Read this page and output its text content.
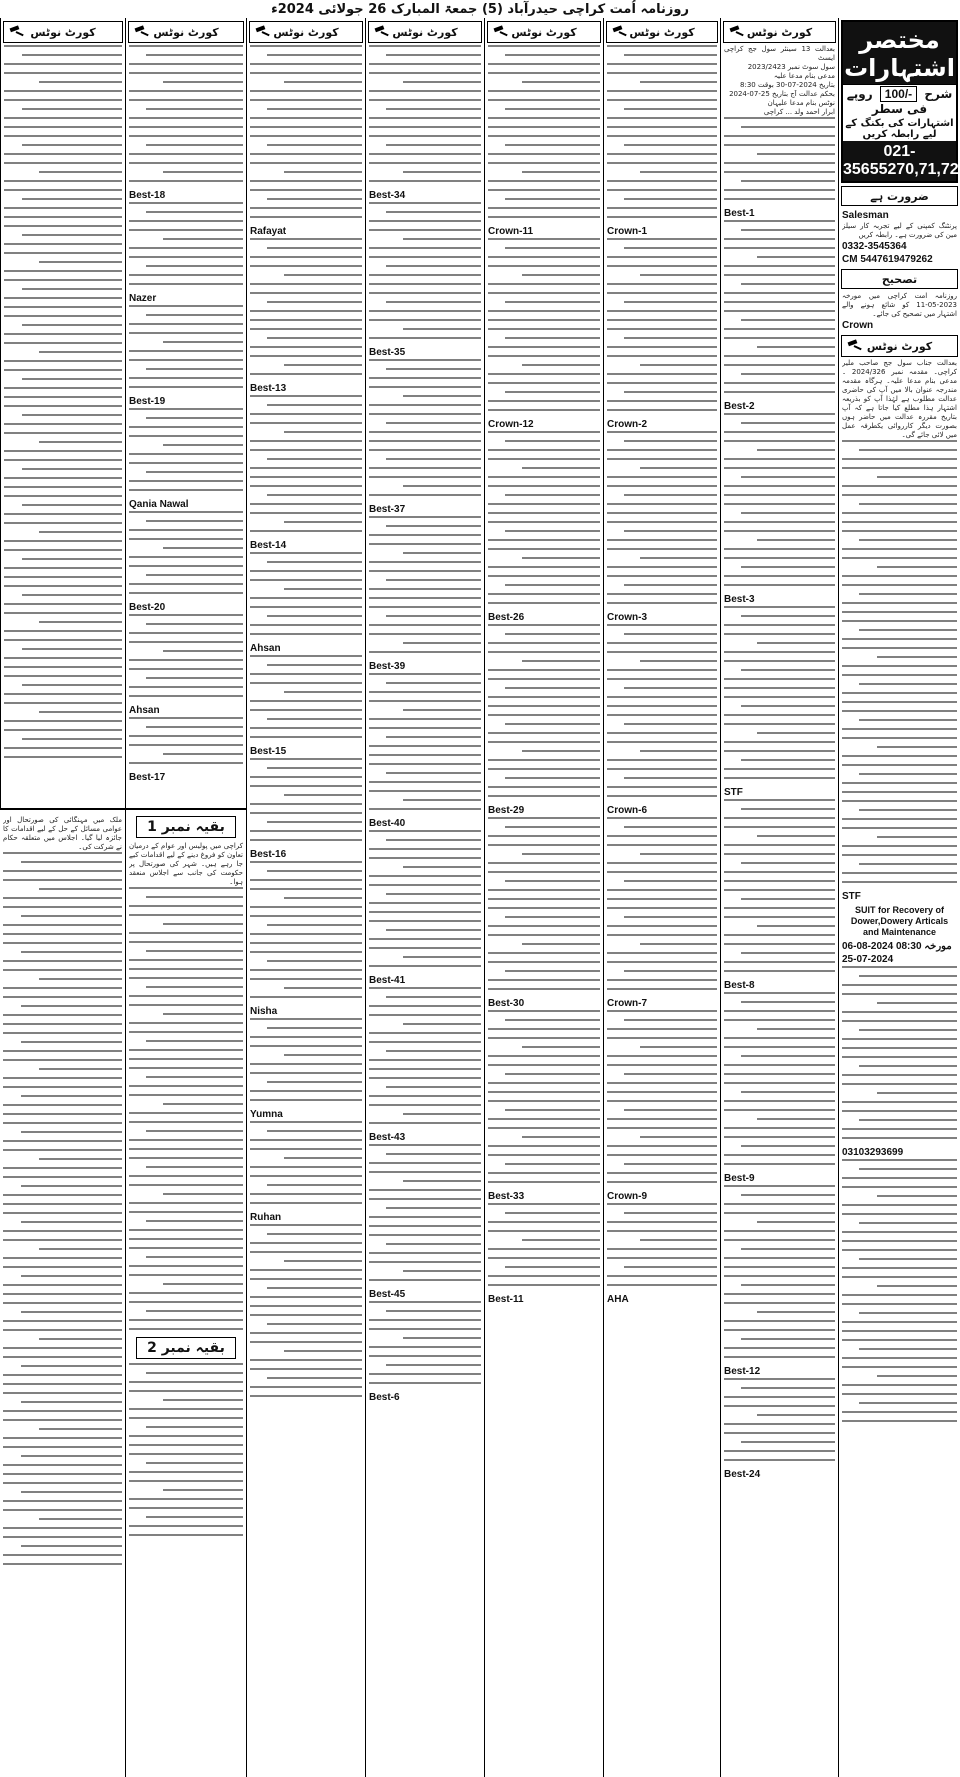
روزنامہ اُمت کراچی حیدرآباد (5) جمعۃ المبارک 26 جولائی 2024ء
مختصر اشتہارات
شرح -/100 روپے فی سطر
اشتہارات کی بکنگ کے لیے رابطہ کریں
021-35655270,71,72
ضرورت ہے
Salesman
پرنٹنگ کمپنی کے لیے تجربہ کار سیلز مین کی ضرورت ہے۔ رابطہ کریں
0332-3545364
CM 5447619479262
تصحیح
روزنامہ امت کراچی میں مورخہ 2023-05-11 کو شائع ہونے والے اشتہار میں تصحیح کی جائے۔
Crown
کورٹ نوٹس
بعدالت جناب سول جج صاحب ملیر کراچی۔ مقدمہ نمبر 2024/326 ۔ مدعی بنام مدعا علیہ۔ ہرگاہ مقدمہ مندرجہ عنوان بالا میں آپ کی حاضری عدالت مطلوب ہے لہٰذا آپ کو بذریعہ اشتہار ہذا مطلع کیا جاتا ہے کہ آپ بتاریخ مقررہ عدالت میں حاضر ہوں بصورت دیگر کارروائی یکطرفہ عمل میں لائی جائے گی۔
STF
SUIT for Recovery of Dower,Dowery Articals and Maintenance
06-08-2024 مورخہ 08:30
25-07-2024
03103293699
کورٹ نوٹس
بعدالت 13 سینئر سول جج کراچی ایسٹ
سول سوٹ نمبر 2023/2423
مدعی بنام مدعا علیہ
بتاریخ 2024-07-30 بوقت 8:30
بحکم عدالت آج بتاریخ 25-07-2024
نوٹس بنام مدعا علیہان
ابرار احمد ولد ... کراچی
Best-1
Best-2
Best-3
STF
Best-8
Best-9
Best-12
Best-24
کورٹ نوٹس
Crown-1
Crown-2
Crown-3
Crown-6
Crown-7
Crown-9
AHA
کورٹ نوٹس
Crown-11
Crown-12
Best-26
Best-29
Best-30
Best-33
Best-11
کورٹ نوٹس
Best-34
Best-35
Best-37
Best-39
Best-40
Best-41
Best-43
Best-45
Best-6
کورٹ نوٹس
Rafayat
Best-13
Best-14
Ahsan
Best-15
Best-16
Nisha
Yumna
Ruhan
کورٹ نوٹس
Best-18
Nazer
Best-19
Qania Nawal
Best-20
Ahsan
Best-17
کورٹ نوٹس
بقیہ نمبر 1
کراچی میں پولیس اور عوام کے درمیان تعاون کو فروغ دینے کے لیے اقدامات کیے جا رہے ہیں۔ شہر کی صورتحال پر حکومت کی جانب سے اجلاس منعقد ہوا۔
بقیہ نمبر 2
ملک میں مہنگائی کی صورتحال اور عوامی مسائل کے حل کے لیے اقدامات کا جائزہ لیا گیا۔ اجلاس میں متعلقہ حکام نے شرکت کی۔
